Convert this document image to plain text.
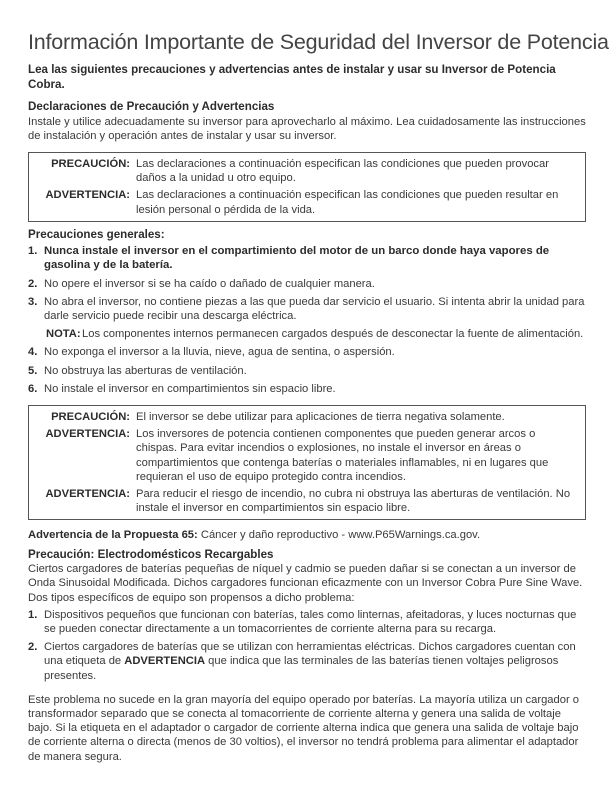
Información Importante de Seguridad del Inversor de Potencia

Lea las siguientes precauciones y advertencias antes de instalar y usar su Inversor de Potencia Cobra.

Declaraciones de Precaución y Advertencias

Instale y utilice adecuadamente su inversor para aprovecharlo al máximo. Lea cuidadosamente las instrucciones de instalación y operación antes de instalar y usar su inversor.

PRECAUCIÓN: Las declaraciones a continuación especifican las condiciones que pueden provocar daños a la unidad u otro equipo.
ADVERTENCIA: Las declaraciones a continuación especifican las condiciones que pueden resultar en lesión personal o pérdida de la vida.

Precauciones generales:

1. Nunca instale el inversor en el compartimiento del motor de un barco donde haya vapores de gasolina y de la batería.
2. No opere el inversor si se ha caído o dañado de cualquier manera.
3. No abra el inversor, no contiene piezas a las que pueda dar servicio el usuario. Si intenta abrir la unidad para darle servicio puede recibir una descarga eléctrica.
NOTA: Los componentes internos permanecen cargados después de desconectar la fuente de alimentación.
4. No exponga el inversor a la lluvia, nieve, agua de sentina, o aspersión.
5. No obstruya las aberturas de ventilación.
6. No instale el inversor en compartimientos sin espacio libre.
PRECAUCIÓN: El inversor se debe utilizar para aplicaciones de tierra negativa solamente.
ADVERTENCIA: Los inversores de potencia contienen componentes que pueden generar arcos o chispas. Para evitar incendios o explosiones, no instale el inversor en áreas o compartimientos que contenga baterías o materiales inflamables, ni en lugares que requieran el uso de equipo protegido contra incendios.
ADVERTENCIA: Para reducir el riesgo de incendio, no cubra ni obstruya las aberturas de ventilación. No instale el inversor en compartimientos sin espacio libre.

Advertencia de la Propuesta 65: Cáncer y daño reproductivo - www.P65Warnings.ca.gov.

Precaución: Electrodomésticos Recargables

Ciertos cargadores de baterías pequeñas de níquel y cadmio se pueden dañar si se conectan a un inversor de Onda Sinusoidal Modificada. Dichos cargadores funcionan eficazmente con un Inversor Cobra Pure Sine Wave. Dos tipos específicos de equipo son propensos a dicho problema:

1. Dispositivos pequeños que funcionan con baterías, tales como linternas, afeitadoras, y luces nocturnas que se pueden conectar directamente a un tomacorrientes de corriente alterna para su recarga.
2. Ciertos cargadores de baterías que se utilizan con herramientas eléctricas. Dichos cargadores cuentan con una etiqueta de ADVERTENCIA que indica que las terminales de las baterías tienen voltajes peligrosos presentes.

Este problema no sucede en la gran mayoría del equipo operado por baterías. La mayoría utiliza un cargador o transformador separado que se conecta al tomacorriente de corriente alterna y genera una salida de voltaje bajo. Si la etiqueta en el adaptador o cargador de corriente alterna indica que genera una salida de voltaje bajo de corriente alterna o directa (menos de 30 voltios), el inversor no tendrá problema para alimentar el adaptador de manera segura.
